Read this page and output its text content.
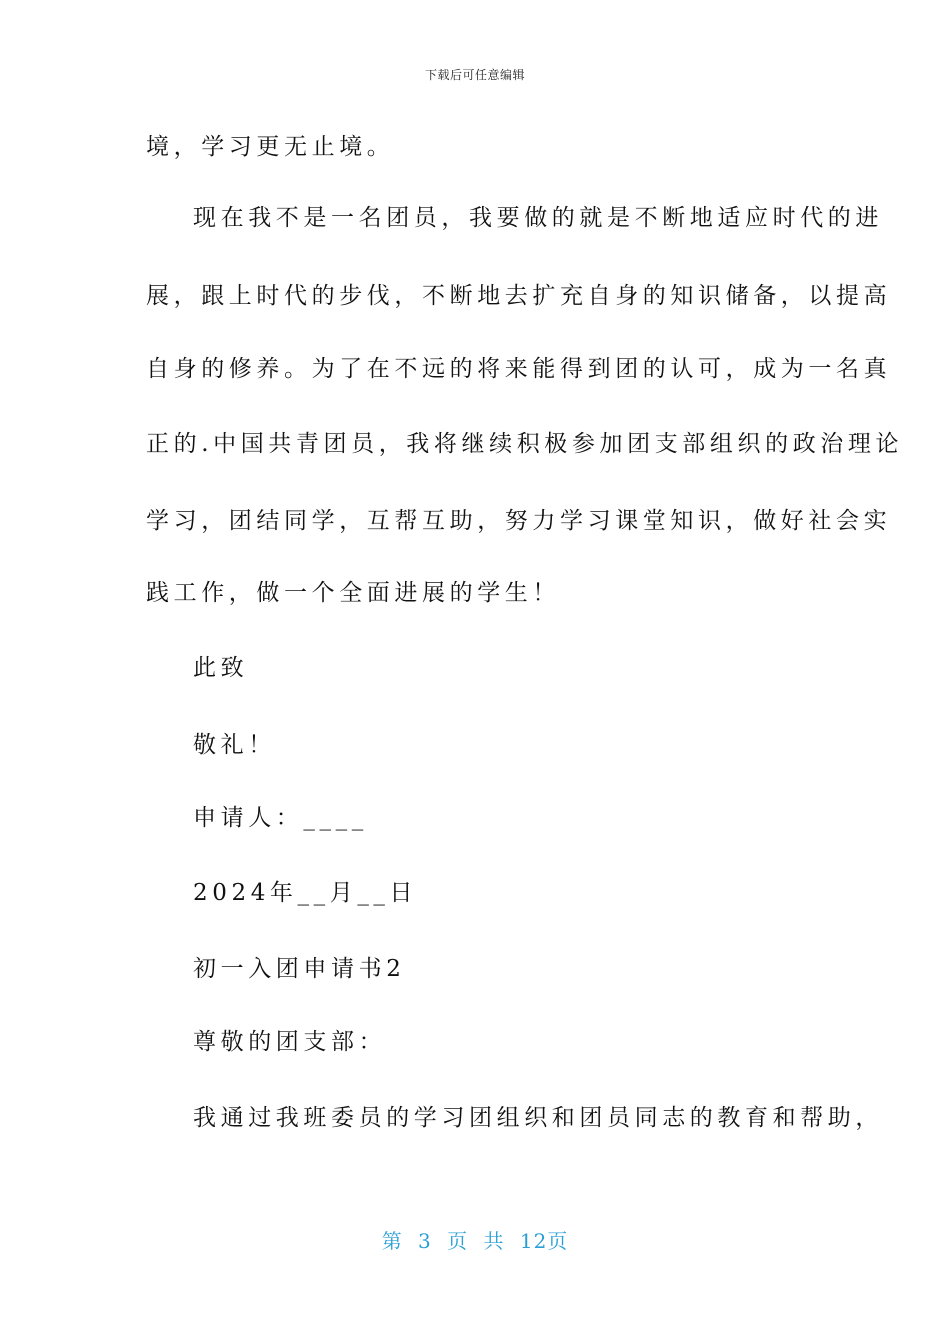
下载后可任意编辑
境，学习更无止境。
现在我不是一名团员，我要做的就是不断地适应时代的进
展，跟上时代的步伐，不断地去扩充自身的知识储备，以提高
自身的修养。为了在不远的将来能得到团的认可，成为一名真
正的.中国共青团员，我将继续积极参加团支部组织的政治理论
学习，团结同学，互帮互助，努力学习课堂知识，做好社会实
践工作，做一个全面进展的学生！
此致
敬礼！
申请人：____
2024年__月__日
初一入团申请书2
尊敬的团支部：
我通过我班委员的学习团组织和团员同志的教育和帮助，
第 3 页 共 12页
